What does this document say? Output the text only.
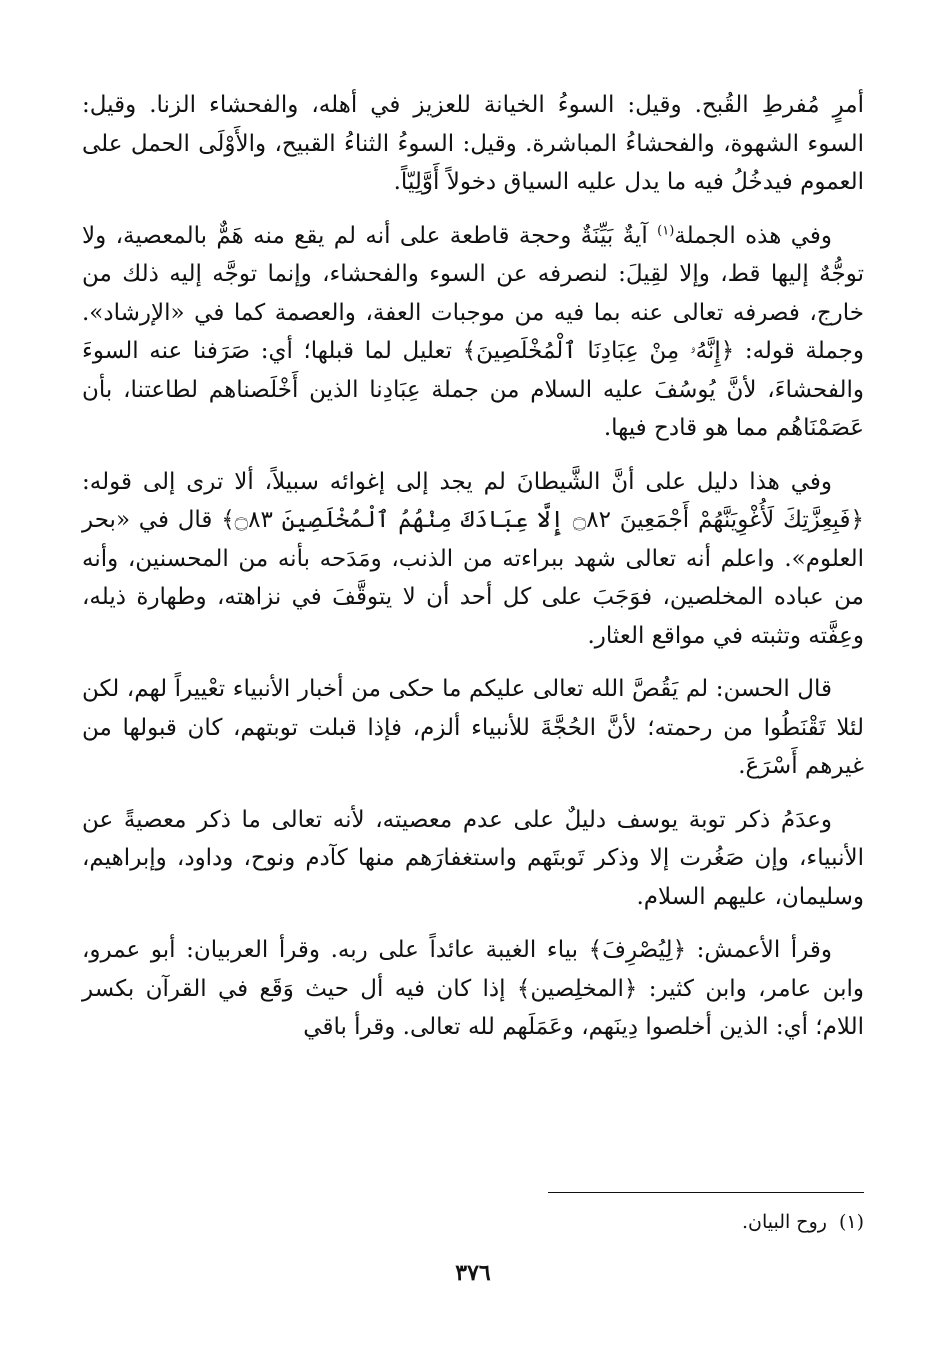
أمرٍ مُفرطِ القُبح. وقيل: السوءُ الخيانة للعزيز في أهله، والفحشاء الزنا. وقيل: السوء الشهوة، والفحشاءُ المباشرة. وقيل: السوءُ الثناءُ القبيح، والأَوْلَى الحمل على العموم فيدخُلُ فيه ما يدل عليه السياق دخولاً أَوَّلِيّاً.

وفي هذه الجملة$^{(١)}$ آيةٌ بَيِّنَةٌ وحجة قاطعة على أنه لم يقع منه هَمٌّ بالمعصية، ولا توجُّهٌ إليها قط، وإلا لقِيلَ: لنصرفه عن السوء والفحشاء، وإنما توجَّه إليه ذلك من خارج، فصرفه تعالى عنه بما فيه من موجبات العفة، والعصمة كما في «الإرشاد». وجملة قوله: ﴿إِنَّهُۥ مِنْ عِبَادِنَا ٱلْمُخْلَصِينَ﴾ تعليل لما قبلها؛ أي: صَرَفنا عنه السوءَ والفحشاءَ، لأنَّ يُوسُفَ عليه السلام من جملة عِبَادِنا الذين أَخْلَصناهم لطاعتنا، بأن عَصَمْنَاهُم مما هو قادح فيها.

وفي هذا دليل على أنَّ الشَّيطانَ لم يجد إلى إغوائه سبيلاً، ألا ترى إلى قوله: ﴿فَبِعِزَّتِكَ لَأُغْوِيَنَّهُمْ أَجْمَعِينَ ۝٨٢ إِلَّا عِبَادَكَ مِنْهُمُ ٱلْمُخْلَصِينَ ۝٨٣﴾ قال في «بحر العلوم». واعلم أنه تعالى شهد ببراءته من الذنب، ومَدَحه بأنه من المحسنين، وأنه من عباده المخلصين، فوَجَبَ على كل أحد أن لا يتوقَّفَ في نزاهته، وطهارة ذيله، وعِفَّته وتثبته في مواقع العثار.

قال الحسن: لم يَقُصَّ الله تعالى عليكم ما حكى من أخبار الأنبياء تعْييراً لهم، لكن لئلا تَقْنَطُوا من رحمته؛ لأنَّ الحُجَّةَ للأنبياء ألزم، فإذا قبلت توبتهم، كان قبولها من غيرهم أَسْرَعَ.

وعدَمُ ذكر توبة يوسف دليلٌ على عدم معصيته، لأنه تعالى ما ذكر معصيةً عن الأنبياء، وإن صَغُرت إلا وذكر تَوبتَهم واستغفارَهم منها كآدم ونوح، وداود، وإبراهيم، وسليمان، عليهم السلام.

وقرأ الأعمش: ﴿لِيُصْرِفَ﴾ بياء الغيبة عائداً على ربه. وقرأ العربيان: أبو عمرو، وابن عامر، وابن كثير: ﴿المخلِصين﴾ إذا كان فيه أل حيث وَقَع في القرآن بكسر اللام؛ أي: الذين أخلصوا دِينَهم، وعَمَلَهم لله تعالى. وقرأ باقي

(١)روح البيان.
٣٧٦
